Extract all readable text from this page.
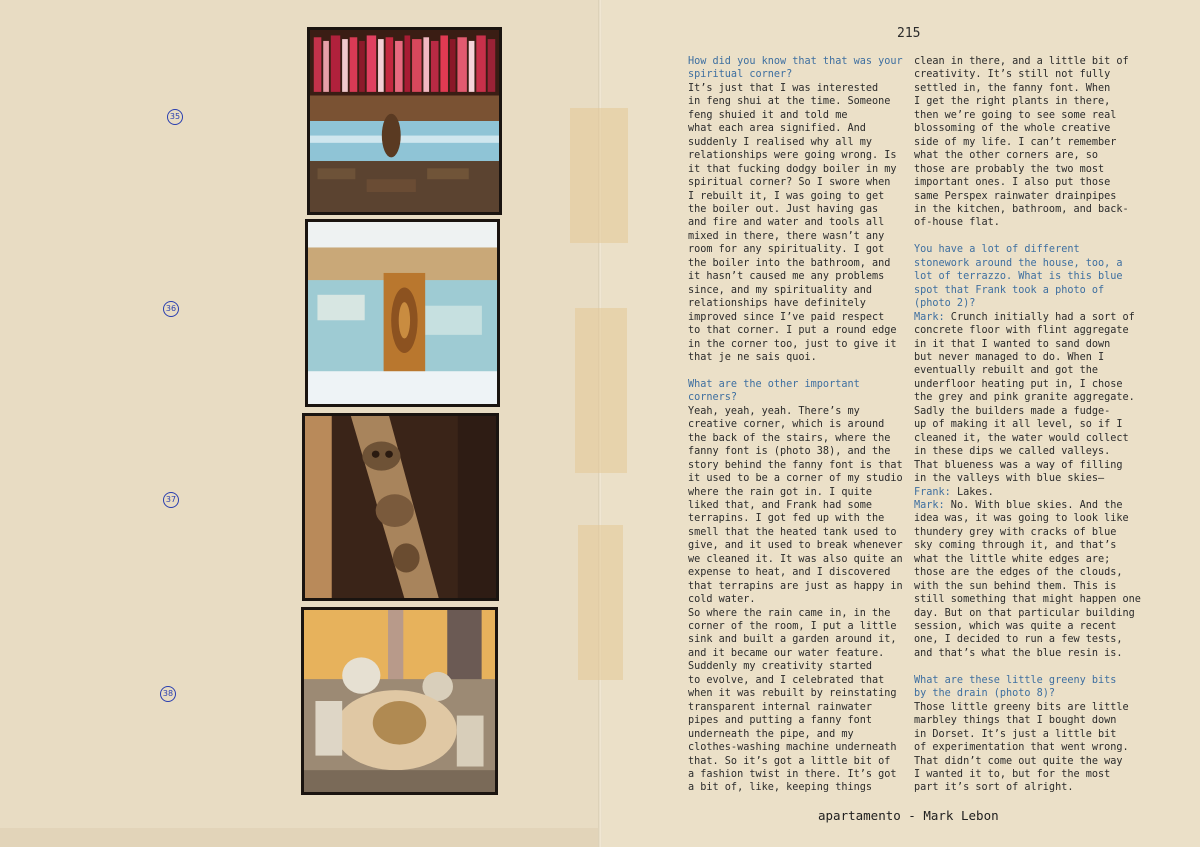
35
36
37
38
215
How did you know that that was your
spiritual corner?
It’s just that I was interested
in feng shui at the time. Someone
feng shuied it and told me
what each area signified. And
suddenly I realised why all my
relationships were going wrong. Is
it that fucking dodgy boiler in my
spiritual corner? So I swore when
I rebuilt it, I was going to get
the boiler out. Just having gas
and fire and water and tools all
mixed in there, there wasn’t any
room for any spirituality. I got
the boiler into the bathroom, and
it hasn’t caused me any problems
since, and my spirituality and
relationships have definitely
improved since I’ve paid respect
to that corner. I put a round edge
in the corner too, just to give it
that je ne sais quoi.

What are the other important
corners?
Yeah, yeah, yeah. There’s my
creative corner, which is around
the back of the stairs, where the
fanny font is (photo 38), and the
story behind the fanny font is that
it used to be a corner of my studio
where the rain got in. I quite
liked that, and Frank had some
terrapins. I got fed up with the
smell that the heated tank used to
give, and it used to break whenever
we cleaned it. It was also quite an
expense to heat, and I discovered
that terrapins are just as happy in
cold water.
So where the rain came in, in the
corner of the room, I put a little
sink and built a garden around it,
and it became our water feature.
Suddenly my creativity started
to evolve, and I celebrated that
when it was rebuilt by reinstating
transparent internal rainwater
pipes and putting a fanny font
underneath the pipe, and my
clothes-washing machine underneath
that. So it’s got a little bit of
a fashion twist in there. It’s got
a bit of, like, keeping things
clean in there, and a little bit of
creativity. It’s still not fully
settled in, the fanny font. When
I get the right plants in there,
then we’re going to see some real
blossoming of the whole creative
side of my life. I can’t remember
what the other corners are, so
those are probably the two most
important ones. I also put those
same Perspex rainwater drainpipes
in the kitchen, bathroom, and back-
of-house flat.

You have a lot of different
stonework around the house, too, a
lot of terrazzo. What is this blue
spot that Frank took a photo of
(photo 2)?
Mark: Crunch initially had a sort of
concrete floor with flint aggregate
in it that I wanted to sand down
but never managed to do. When I
eventually rebuilt and got the
underfloor heating put in, I chose
the grey and pink granite aggregate.
Sadly the builders made a fudge-
up of making it all level, so if I
cleaned it, the water would collect
in these dips we called valleys.
That blueness was a way of filling
in the valleys with blue skies—
Frank: Lakes.
Mark: No. With blue skies. And the
idea was, it was going to look like
thundery grey with cracks of blue
sky coming through it, and that’s
what the little white edges are;
those are the edges of the clouds,
with the sun behind them. This is
still something that might happen one
day. But on that particular building
session, which was quite a recent
one, I decided to run a few tests,
and that’s what the blue resin is.

What are these little greeny bits
by the drain (photo 8)?
Those little greeny bits are little
marbley things that I bought down
in Dorset. It’s just a little bit
of experimentation that went wrong.
That didn’t come out quite the way
I wanted it to, but for the most
part it’s sort of alright.
apartamento - Mark Lebon
